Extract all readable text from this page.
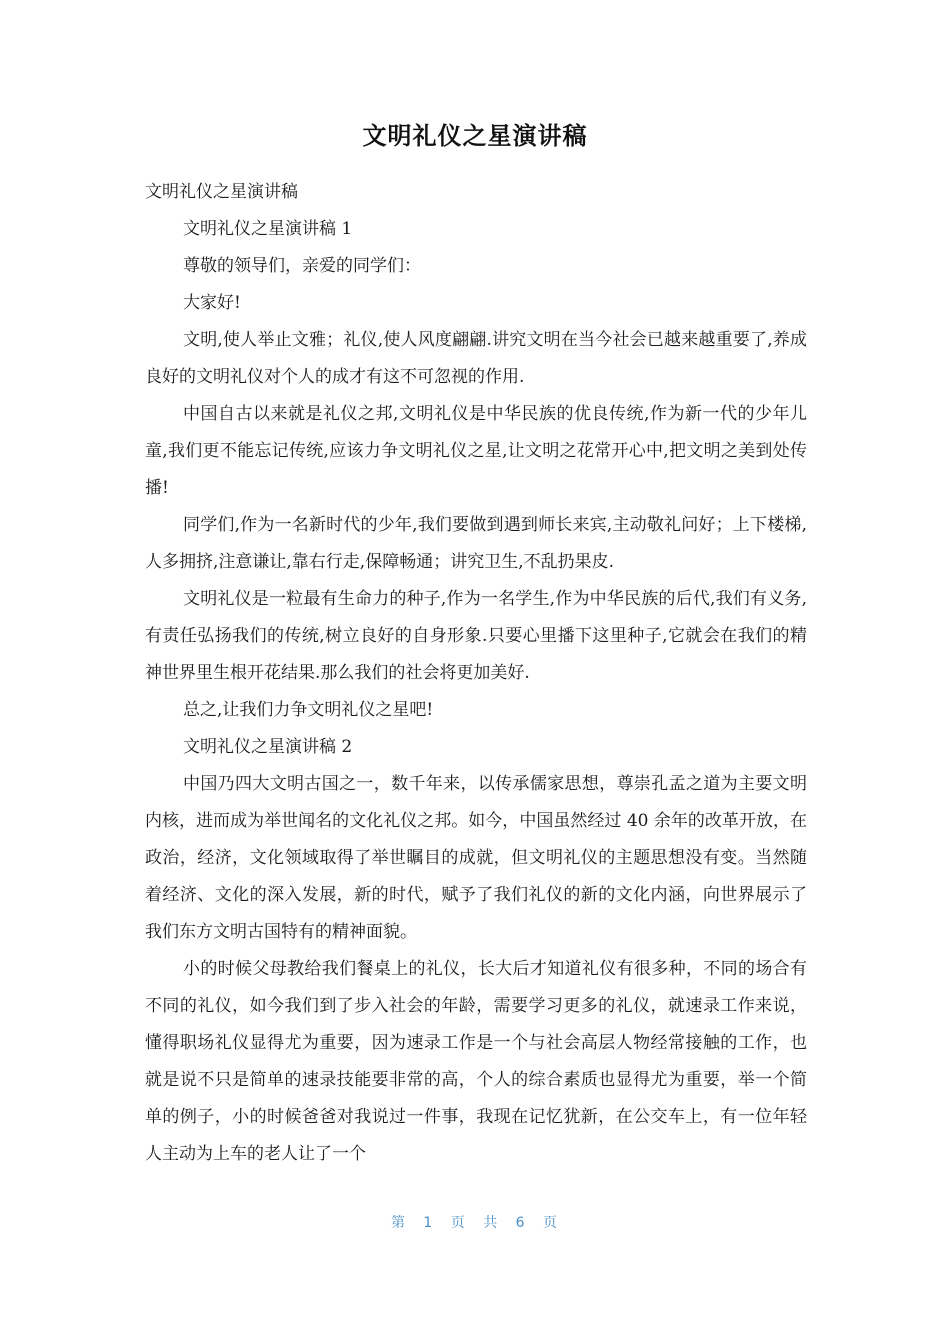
文明礼仪之星演讲稿

文明礼仪之星演讲稿

文明礼仪之星演讲稿 1

尊敬的领导们，亲爱的同学们：

大家好!

文明,使人举止文雅；礼仪,使人风度翩翩.讲究文明在当今社会已越来越重要了,养成良好的文明礼仪对个人的成才有这不可忽视的作用.

中国自古以来就是礼仪之邦,文明礼仪是中华民族的优良传统,作为新一代的少年儿童,我们更不能忘记传统,应该力争文明礼仪之星,让文明之花常开心中,把文明之美到处传播!

同学们,作为一名新时代的少年,我们要做到遇到师长来宾,主动敬礼问好；上下楼梯,人多拥挤,注意谦让,靠右行走,保障畅通；讲究卫生,不乱扔果皮.

文明礼仪是一粒最有生命力的种子,作为一名学生,作为中华民族的后代,我们有义务,有责任弘扬我们的传统,树立良好的自身形象.只要心里播下这里种子,它就会在我们的精神世界里生根开花结果.那么我们的社会将更加美好.

总之,让我们力争文明礼仪之星吧!

文明礼仪之星演讲稿 2

中国乃四大文明古国之一，数千年来，以传承儒家思想，尊崇孔孟之道为主要文明内核，进而成为举世闻名的文化礼仪之邦。如今，中国虽然经过 40 余年的改革开放，在政治，经济，文化领域取得了举世瞩目的成就，但文明礼仪的主题思想没有变。当然随着经济、文化的深入发展，新的时代，赋予了我们礼仪的新的文化内涵，向世界展示了我们东方文明古国特有的精神面貌。

小的时候父母教给我们餐桌上的礼仪，长大后才知道礼仪有很多种，不同的场合有不同的礼仪，如今我们到了步入社会的年龄，需要学习更多的礼仪，就速录工作来说，懂得职场礼仪显得尤为重要，因为速录工作是一个与社会高层人物经常接触的工作，也就是说不只是简单的速录技能要非常的高，个人的综合素质也显得尤为重要，举一个简单的例子，小的时候爸爸对我说过一件事，我现在记忆犹新，在公交车上，有一位年轻人主动为上车的老人让了一个

第 1 页 共 6 页
